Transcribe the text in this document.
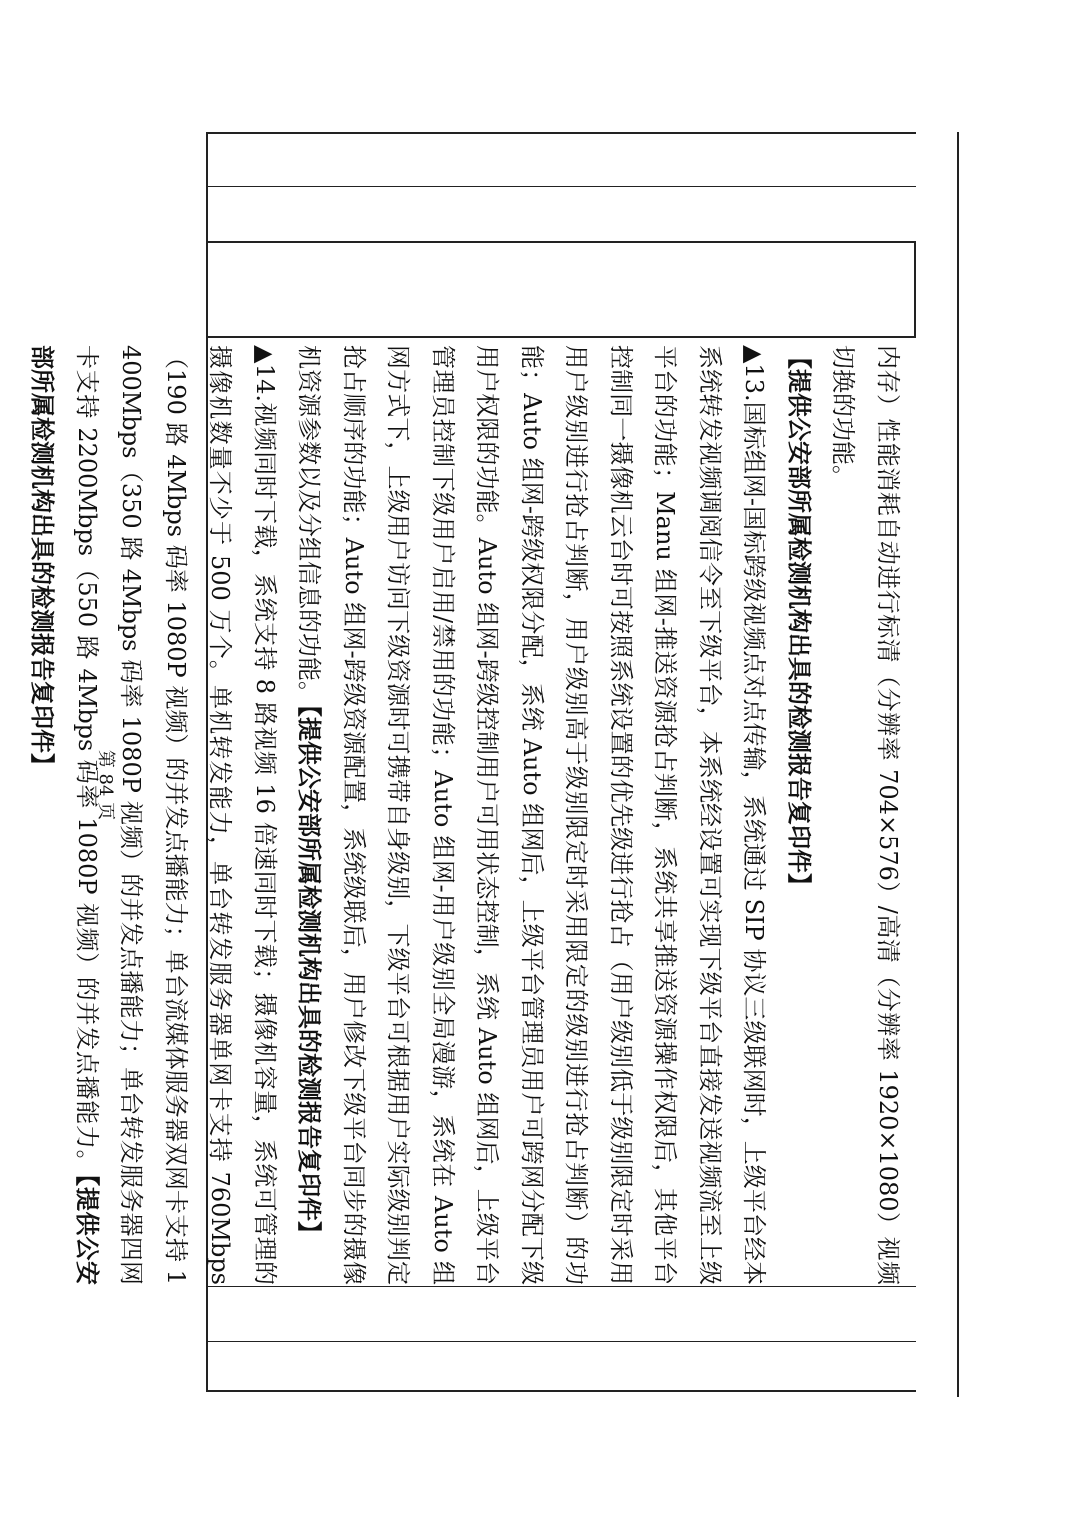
内存）性能消耗自动进行标清（分辨率 704×576）/高清（分辨率 1920×1080）视频切换的功能。

【提供公安部所属检测机构出具的检测报告复印件】

▲13.国标组网-国标跨级视频点对点传输，系统通过 SIP 协议三级联网时，上级平台经本系统转发视频调阅信令至下级平台，本系统经设置可实现下级平台直接发送视频流至上级平台的功能；Manu 组网-推送资源抢占判断，系统共享推送资源操作权限后，其他平台控制同一摄像机云台时可按照系统设置的优先级进行抢占（用户级别低于级别限定时采用用户级别进行抢占判断，用户级别高于级别限定时采用限定的级别进行抢占判断）的功能；Auto 组网-跨级权限分配，系统 Auto 组网后，上级平台管理员用户可跨网分配下级用户权限的功能。Auto 组网-跨级控制用户可用状态控制，系统 Auto 组网后，上级平台管理员控制下级用户启用/禁用的功能；Auto 组网-用户级别全局漫游，系统在 Auto 组网方式下，上级用户访问下级资源时可携带自身级别，下级平台可根据用户实际级别判定抢占顺序的功能；Auto 组网-跨级资源配置，系统级联后，用户修改下级平台同步的摄像机资源参数以及分组信息的功能。【提供公安部所属检测机构出具的检测报告复印件】

▲14.视频同时下载，系统支持 8 路视频 16 倍速同时下载；摄像机容量，系统可管理的摄像机数量不少于 500 万个。单机转发能力，单台转发服务器单网卡支持 760Mbps（190 路 4Mbps 码率 1080P 视频）的并发点播能力；单台流媒体服务器双网卡支持 1400Mbps（350 路 4Mbps 码率 1080P 视频）的并发点播能力；单台转发服务器四网卡支持 2200Mbps（550 路 4Mbps 码率 1080P 视频）的并发点播能力。【提供公安部所属检测机构出具的检测报告复印件】

第 84 页
